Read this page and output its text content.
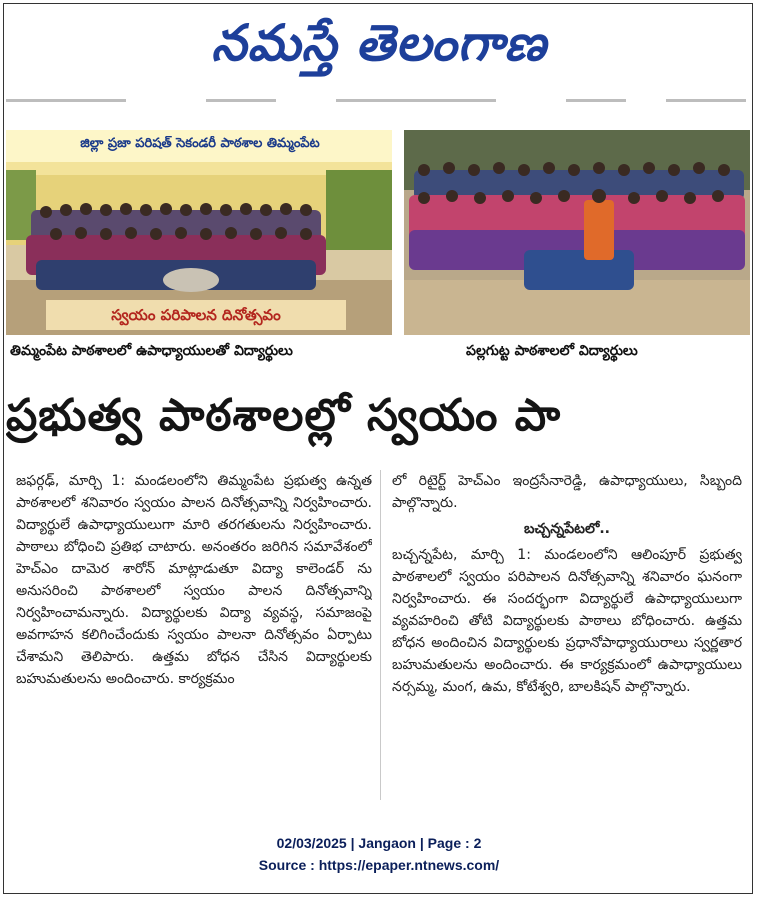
నమస్తే తెలంగాణ
జిల్లా ప్రజా పరిషత్ సెకండరీ పాఠశాల తిమ్మంపేట
స్వయం పరిపాలన దినోత్సవం
తిమ్మంపేట పాఠశాలలో ఉపాధ్యాయులతో విద్యార్థులు	పల్లగుట్ట పాఠశాలలో విద్యార్థులు
ప్రభుత్వ పాఠశాలల్లో స్వయం పా

జఫర్గఢ్, మార్చి 1: మండలంలోని తిమ్మంపేట ప్రభుత్వ ఉన్నత పాఠశాలలో శనివారం స్వయం పాలన దినోత్సవాన్ని నిర్వహించారు. విద్యార్థులే ఉపాధ్యాయులుగా మారి తరగతులను నిర్వహించారు. పాఠాలు బోధించి ప్రతిభ చాటారు. అనంతరం జరిగిన సమావేశంలో హెచ్ఎం దామెర శారోన్ మాట్లాడుతూ విద్యా కాలెండర్ ను అనుసరించి పాఠశాలలో స్వయం పాలన దినోత్సవాన్ని నిర్వహించామన్నారు. విద్యార్థులకు విద్యా వ్యవస్థ, సమాజంపై అవగాహన కలిగించేందుకు స్వయం పాలనా దినోత్సవం ఏర్పాటు చేశామని తెలిపారు. ఉత్తమ బోధన చేసిన విద్యార్థులకు బహుమతులను అందించారు. కార్యక్రమం

లో రిటైర్ట్ హెచ్ఎం ఇంద్రసేనారెడ్డి, ఉపాధ్యాయులు, సిబ్బంది పాల్గొన్నారు.

బచ్చన్నపేటలో..

బచ్చన్నపేట, మార్చి 1: మండలంలోని ఆలింపూర్ ప్రభుత్వ పాఠశాలలో స్వయం పరిపాలన దినోత్సవాన్ని శనివారం ఘనంగా నిర్వహించారు. ఈ సందర్భంగా విద్యార్థులే ఉపాధ్యాయులుగా వ్యవహరించి తోటి విద్యార్థులకు పాఠాలు బోధించారు. ఉత్తమ బోధన అందించిన విద్యార్థులకు ప్రధానోపాధ్యాయురాలు స్వర్ణతార బహుమతులను అందించారు. ఈ కార్యక్రమంలో ఉపాధ్యాయులు నర్సమ్మ, మంగ, ఉమ, కోటేశ్వరి, బాలకిషన్ పాల్గొన్నారు.

02/03/2025 | Jangaon | Page : 2
Source : https://epaper.ntnews.com/
